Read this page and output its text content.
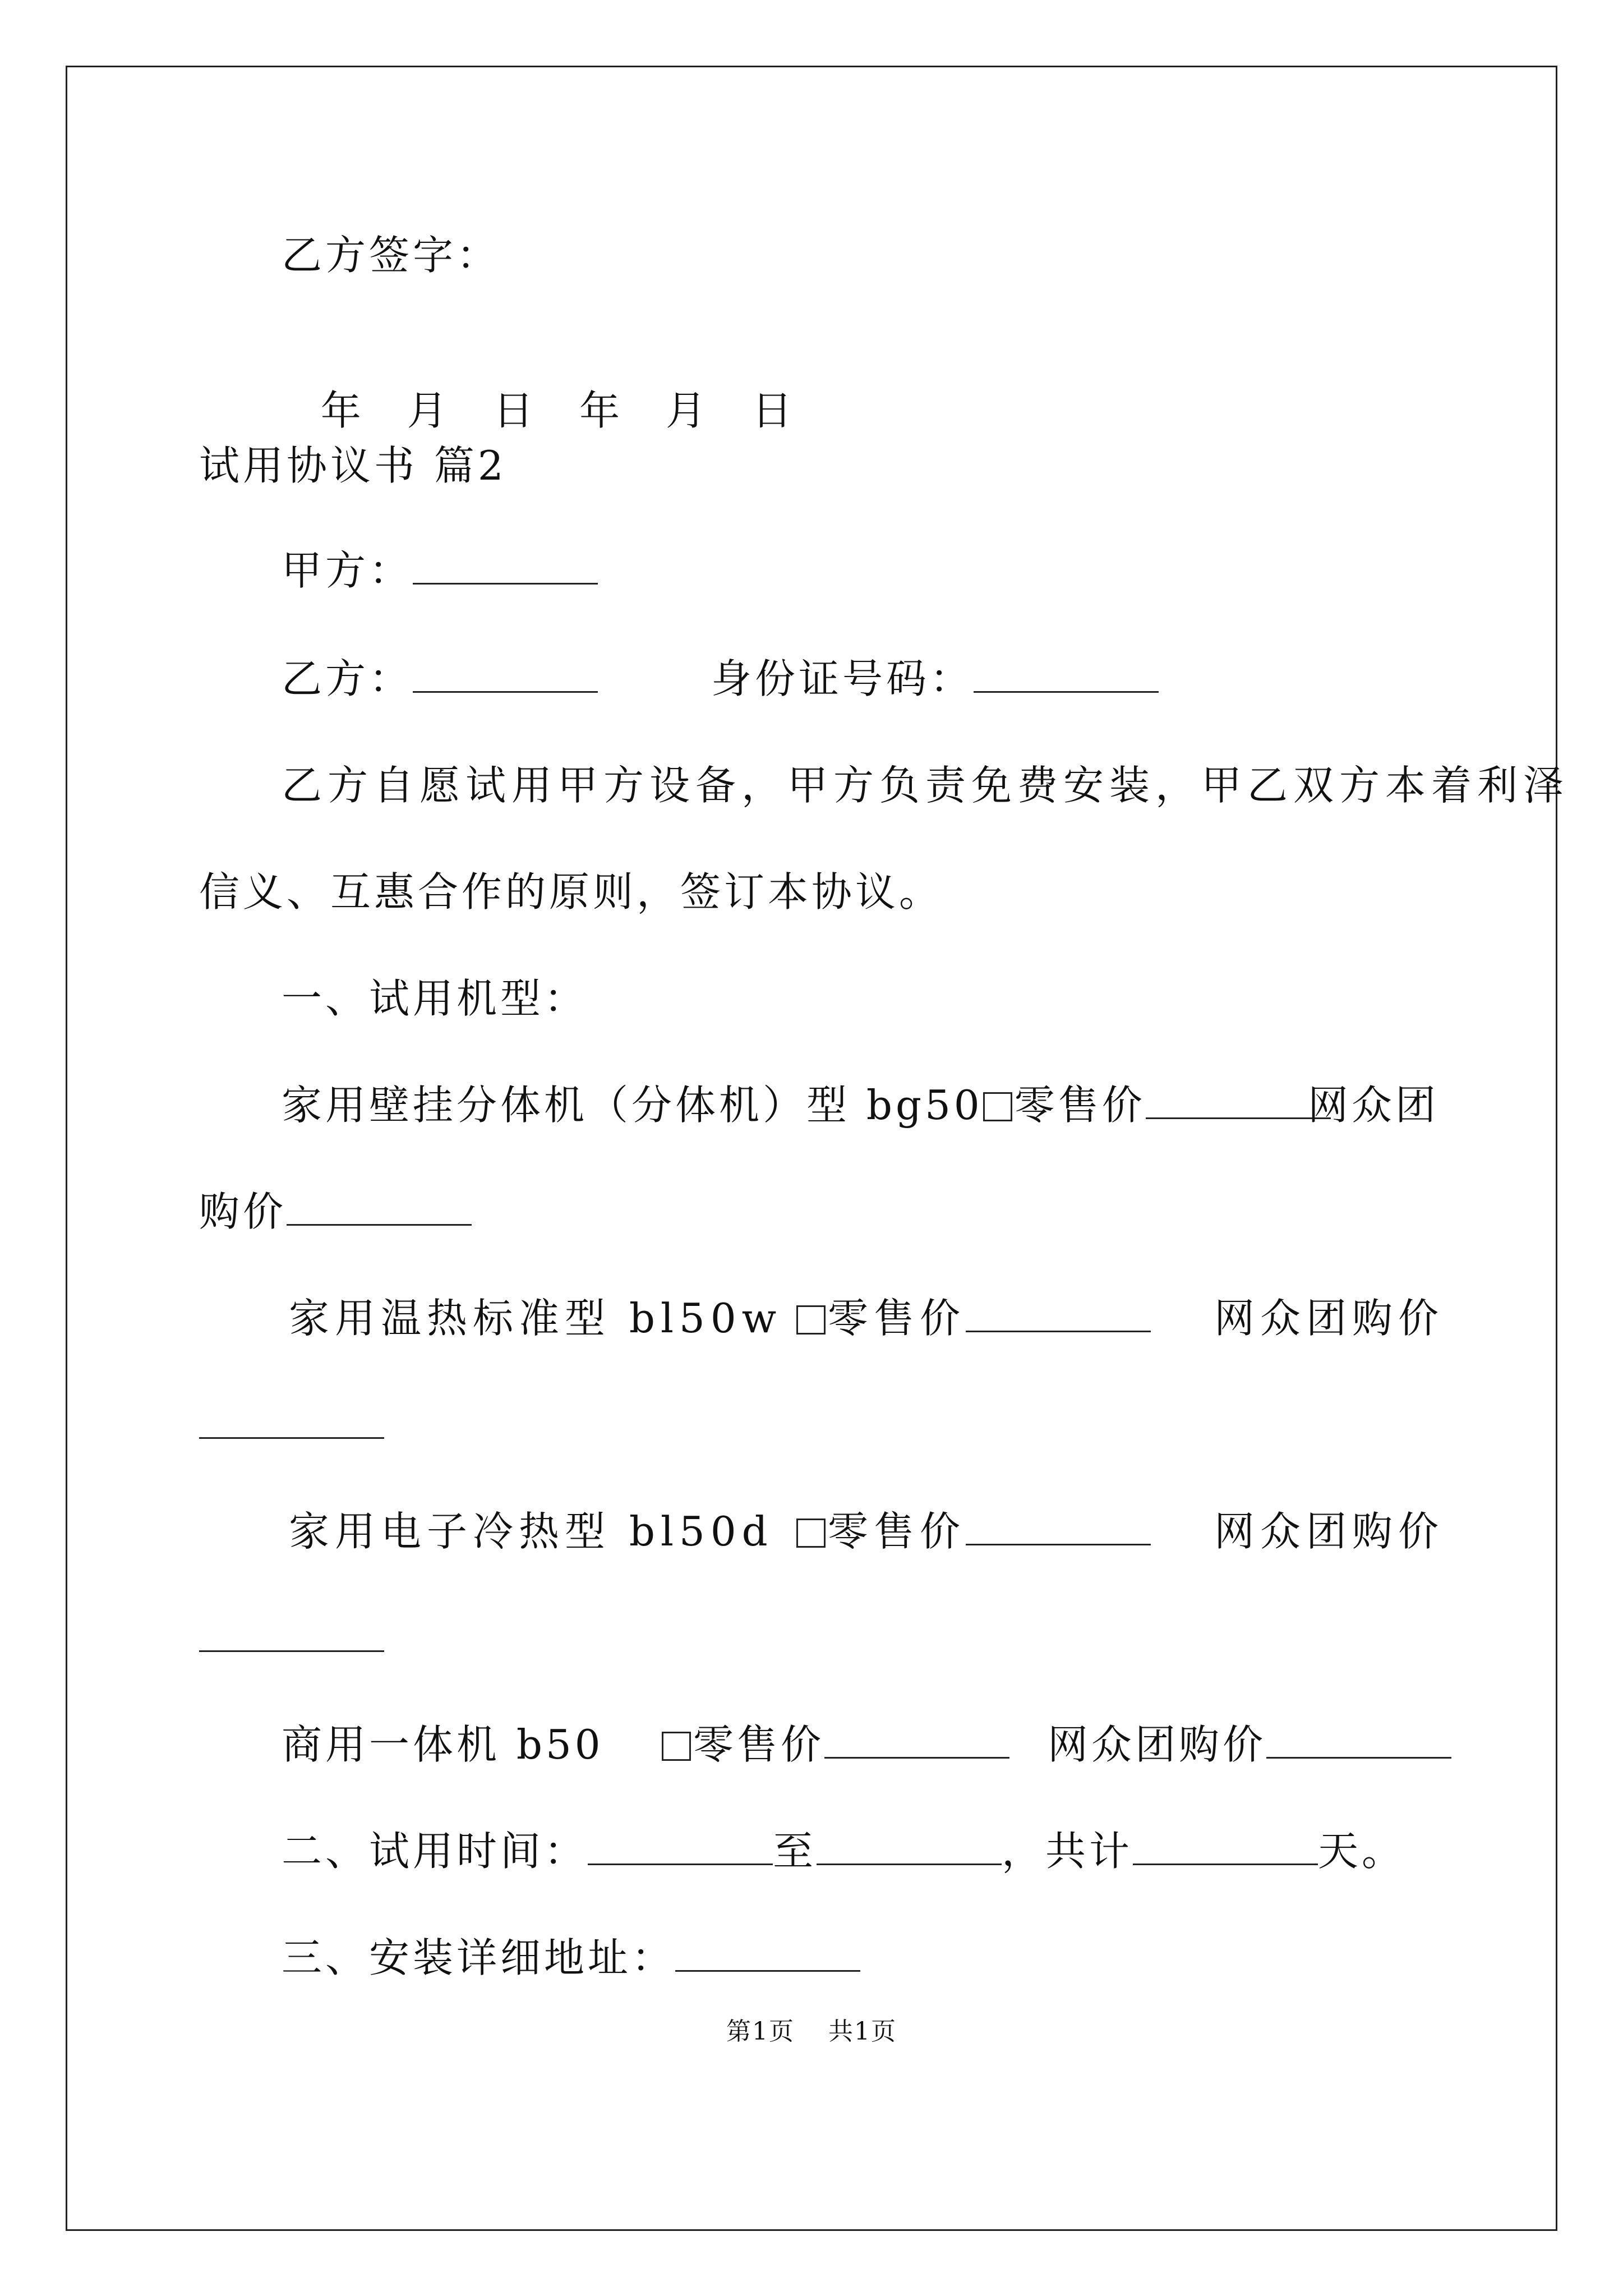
乙方签字：

年  月  日  年  月  日

试用协议书 篇2
甲方：
乙方：	身份证号码：
乙方自愿试用甲方设备，甲方负责免费安装，甲乙双方本着利泽
信义、互惠合作的原则，签订本协议。
一、试用机型：
家用壁挂分体机（分体机）型 bg50 零售价	网众团
购价
家用温热标准型 bl50w	零售价	网众团购价
家用电子冷热型 bl50d	零售价	网众团购价
商用一体机 b50	零售价	网众团购价
二、试用时间：	至	，共计	天。
三、安装详细地址：
第1页 共1页
